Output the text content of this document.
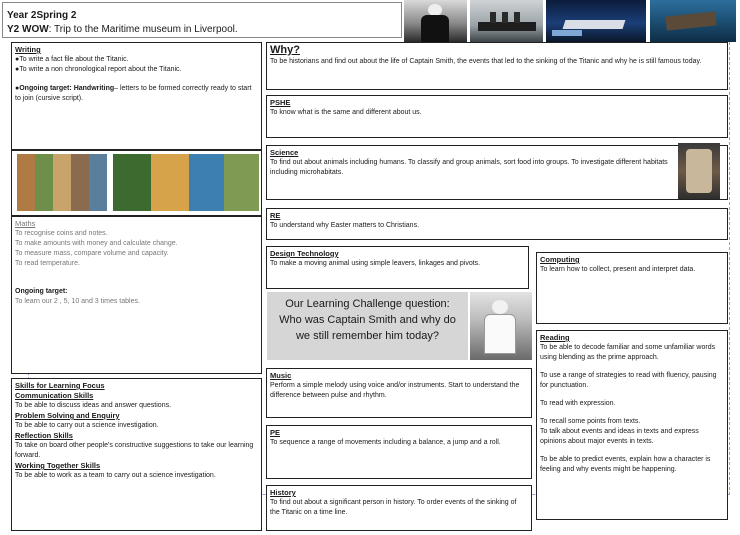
Year 2Spring 2
Y2 WOW: Trip to the Maritime museum in Liverpool.
Writing
●To write a fact file about the Titanic.
●To write a non chronological report about the Titanic.
●Ongoing target: Handwriting– letters to be formed correctly ready to start to join (cursive script).
Maths
To recognise coins and notes.
To make amounts with money and calculate change.
To measure mass, compare volume and capacity.
To read temperature.
Ongoing target:
To learn our 2 , 5, 10 and 3 times tables.
Skills for Learning Focus
Communication Skills
To be able to discuss ideas and answer questions.
Problem Solving and Enquiry
To be able to carry out a science investigation.
Reflection Skills
To take on board other people's constructive suggestions to take our learning forward.
Working Together Skills
To be able to work as a team to carry out a science investigation.
Why?
To be historians and find out about the life of Captain Smith, the events that led to the sinking of the Titanic and why he is still famous today.
PSHE
To know what is the same and different about us.
Science
To find out about animals including humans. To classify and group animals, sort food into groups. To investigate different habitats including microhabitats.
RE
To understand why Easter matters to Christians.
Design Technology
To make a moving animal using simple leavers, linkages and pivots.	Computing
To learn how to collect, present and interpret data.
Our Learning Challenge question:
Who was Captain Smith and why do
we still remember him today?
Music
Perform a simple melody using voice and/or instruments. Start to understand the difference between pulse and rhythm.
PE
To sequence a range of movements including a balance, a jump and a roll.
History
To find out about a significant person in history. To order events of the sinking of the Titanic on a time line.
Reading
To be able to decode familiar and some unfamiliar words using blending as the prime approach.
To use a range of strategies to read with fluency, pausing for punctuation.
To read with expression.
To recall some points from texts.
To talk about events and ideas in texts and express opinions about major events in texts.
To be able to predict events, explain how a character is feeling and why events might be happening.
